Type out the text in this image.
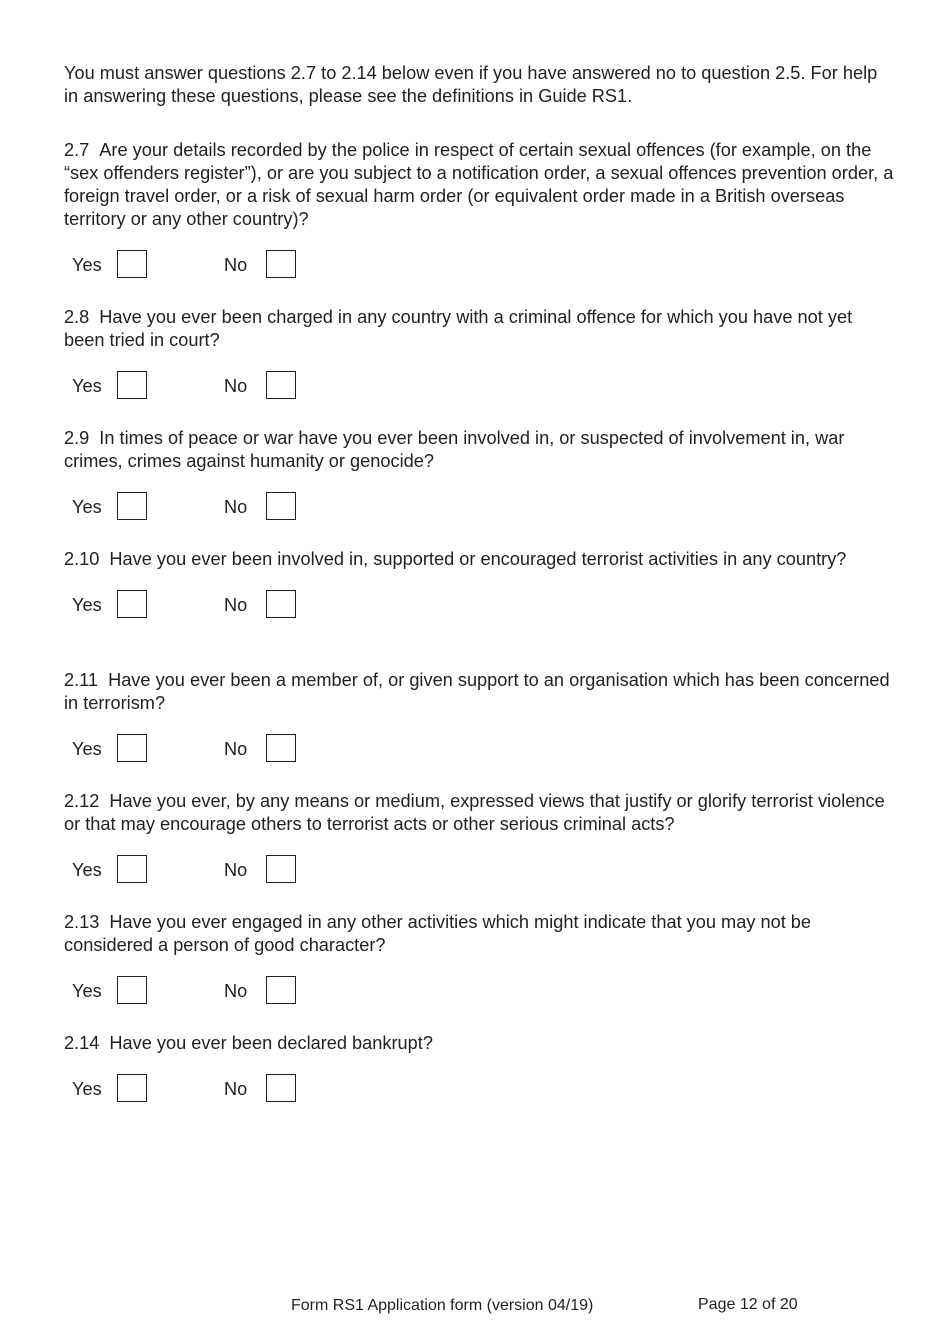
You must answer questions 2.7 to 2.14 below even if you have answered no to question 2.5. For help in answering these questions, please see the definitions in Guide RS1.

2.7 Are your details recorded by the police in respect of certain sexual offences (for example, on the “sex offenders register”), or are you subject to a notification order, a sexual offences prevention order, a foreign travel order, or a risk of sexual harm order (or equivalent order made in a British overseas territory or any other country)?

Yes	No

2.8 Have you ever been charged in any country with a criminal offence for which you have not yet been tried in court?

Yes	No

2.9 In times of peace or war have you ever been involved in, or suspected of involvement in, war crimes, crimes against humanity or genocide?

Yes	No

2.10 Have you ever been involved in, supported or encouraged terrorist activities in any country?

Yes	No

2.11 Have you ever been a member of, or given support to an organisation which has been concerned in terrorism?

Yes	No

2.12 Have you ever, by any means or medium, expressed views that justify or glorify terrorist violence or that may encourage others to terrorist acts or other serious criminal acts?

Yes	No

2.13 Have you ever engaged in any other activities which might indicate that you may not be considered a person of good character?

Yes	No

2.14 Have you ever been declared bankrupt?

Yes	No
Form RS1 Application form (version 04/19)	Page 12 of 20
